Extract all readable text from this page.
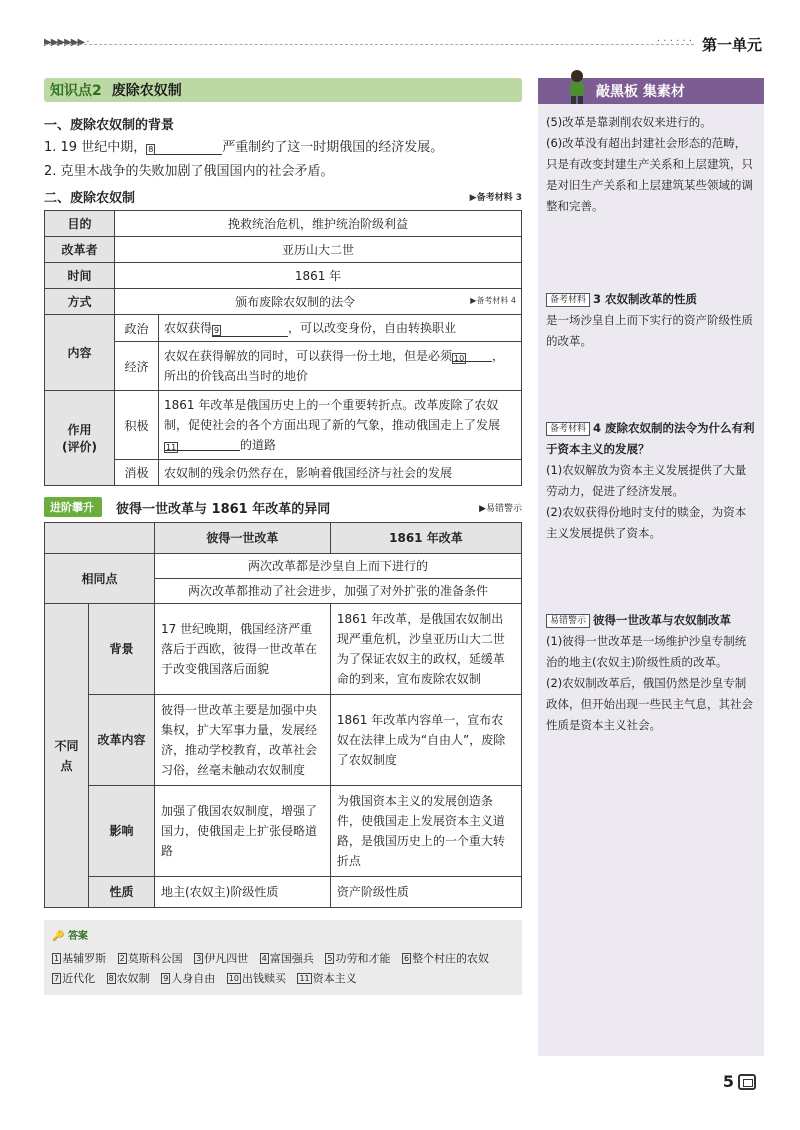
▶▶▶▶▶▶ ·	· · · · · · 第一单元
知识点2 废除农奴制
一、废除农奴制的背景
1. 19 世纪中期， 8	严重制约了这一时期俄国的经济发展。
2. 克里木战争的失败加剧了俄国国内的社会矛盾。
二、废除农奴制	▶备考材料 3
目的	挽救统治危机，维护统治阶级利益	
改革者	亚历山大二世	
时间	1861 年	
方式	颁布废除农奴制的法令 ▶备考材料 4	

内容	政治	农奴获得 9 ，可以改变身份，自由转换职业
	经济	农奴在获得解放的同时，可以获得一份土地，但是必须 10 ，所出的价钱高出当时的地价

作用
(评价)	积极	1861 年改革是俄国历史上的一个重要转折点。改革废除了农奴制，促使社会的各个方面出现了新的气象，推动俄国走上了发展11 的道路
	消极	农奴制的残余仍然存在，影响着俄国经济与社会的发展
进阶攀升	彼得一世改革与 1861 年改革的异同	▶易错警示
		彼得一世改革	1861 年改革
相同点		两次改革都是沙皇自上而下进行的	
		两次改革都推动了社会进步，加强了对外扩张的准备条件	
不同点	背景	17 世纪晚期，俄国经济严重落后于西欧，彼得一世改革在于改变俄国落后面貌	1861 年改革，是俄国农奴制出现严重危机，沙皇亚历山大二世为了保证农奴主的政权，延缓革命的到来，宣布废除农奴制
	改革内容	彼得一世改革主要是加强中央集权，扩大军事力量，发展经济，推动学校教育，改革社会习俗，丝毫未触动农奴制度	1861 年改革内容单一，宣布农奴在法律上成为“自由人”，废除了农奴制度
	影响	加强了俄国农奴制度，增强了国力，使俄国走上扩张侵略道路	为俄国资本主义的发展创造条件，使俄国走上发展资本主义道路，是俄国历史上的一个重大转折点
	性质	地主(农奴主)阶级性质	资产阶级性质
🔑 答案
1 基辅罗斯 2 莫斯科公国 3 伊凡四世 4 富国强兵 5 功劳和才能 6 整个村庄的农奴 7 近代化 8 农奴制 9 人身自由 10 出钱赎买 11 资本主义
敲黑板 集素材
(5)改革是靠剥削农奴来进行的。
(6)改革没有超出封建社会形态的范畴，只是有改变封建生产关系和上层建筑，只是对旧生产关系和上层建筑某些领域的调整和完善。
备考材料 3 农奴制改革的性质
是一场沙皇自上而下实行的资产阶级性质的改革。
备考材料 4 废除农奴制的法令为什么有利于资本主义的发展？
(1)农奴解放为资本主义发展提供了大量劳动力，促进了经济发展。
(2)农奴获得份地时支付的赎金，为资本主义发展提供了资本。
易错警示 彼得一世改革与农奴制改革
(1)彼得一世改革是一场维护沙皇专制统治的地主(农奴主)阶级性质的改革。
(2)农奴制改革后，俄国仍然是沙皇专制政体，但开始出现一些民主气息，其社会性质是资本主义社会。
5
